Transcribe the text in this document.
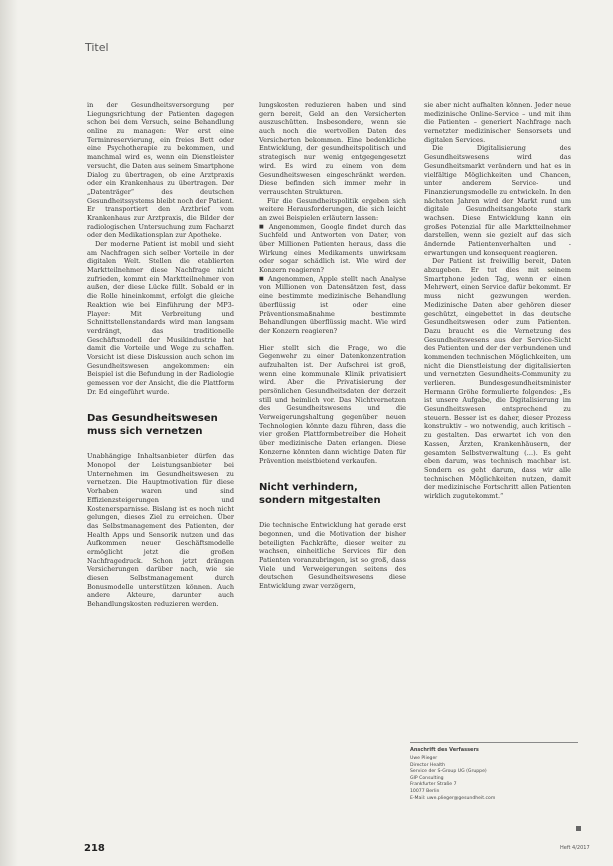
Titel

in der Gesundheitsversorgung per Liegungsrichtung der Patienten dagegen schon bei dem Versuch, seine Behandlung online zu managen: Wer erst eine Terminreservierung, ein freies Bett oder eine Psychotherapie zu bekommen, und manchmal wird es, wenn ein Dienstleister versucht, die Daten aus seinem Smartphone Dialog zu übertragen, ob eine Arztpraxis oder ein Krankenhaus zu übertragen. Der „Datenträger“ des deutschen Gesundheitssystems bleibt noch der Patient. Er transportiert den Arztbrief vom Krankenhaus zur Arztpraxis, die Bilder der radiologischen Untersuchung zum Facharzt oder den Medikationsplan zur Apotheke.

Der moderne Patient ist mobil und sieht am Nachfragen sich selber Vorteile in der digitalen Welt. Stellen die etablierten Marktteilnehmer diese Nachfrage nicht zufrieden, kommt ein Marktteilnehmer von außen, der diese Lücke füllt. Sobald er in die Rolle hineinkommt, erfolgt die gleiche Reaktion wie bei Einführung der MP3-Player: Mit Verbreitung und Schnittstellenstandards wird man langsam verdrängt, das traditionelle Geschäftsmodell der Musikindustrie hat damit die Vorteile und Wege zu schaffen. Vorsicht ist diese Diskussion auch schon im Gesundheitswesen angekommen: ein Beispiel ist die Befundung in der Radiologie gemessen vor der Ansicht, die die Plattform Dr. Ed eingeführt wurde.

Das Gesundheitswesen muss sich vernetzen

Unabhängige Inhaltsanbieter dürfen das Monopol der Leistungsanbieter bei Unternehmen im Gesundheitswesen zu vernetzen. Die Hauptmotivation für diese Vorhaben waren und sind Effizienzsteigerungen und Kostenersparnisse. Bislang ist es noch nicht gelungen, dieses Ziel zu erreichen. Über das Selbstmanagement des Patienten, der Health Apps und Sensorik nutzen und das Aufkommen neuer Geschäftsmodelle ermöglicht jetzt die großen Nachfragedruck. Schon jetzt drängen Versicherungen darüber nach, wie sie diesen Selbstmanagement durch Bonusmodelle unterstützen können. Auch andere Akteure, darunter auch Behandlungskosten reduzieren werden.

lungskosten reduzieren haben und sind gern bereit, Geld an den Versicherten auszuschütten. Insbesondere, wenn sie auch noch die wertvollen Daten des Versicherten bekommen. Eine bedenkliche Entwicklung, der gesundheitspolitisch und strategisch nur wenig entgegengesetzt wird. Es wird zu einem von dem Gesundheitswesen eingeschränkt werden. Diese befinden sich immer mehr in verrauschten Strukturen.

Für die Gesundheitspolitik ergeben sich weitere Herausforderungen, die sich leicht an zwei Beispielen erläutern lassen:

■ Angenommen, Google findet durch das Suchfeld und Antworten von Dater, von über Millionen Patienten heraus, dass die Wirkung eines Medikaments unwirksam oder sogar schädlich ist. Wie wird der Konzern reagieren?

■ Angenommen, Apple stellt nach Analyse von Millionen von Datensätzen fest, dass eine bestimmte medizinische Behandlung überflüssig ist oder eine Präventionsmaßnahme bestimmte Behandlungen überflüssig macht. Wie wird der Konzern reagieren?

Hier stellt sich die Frage, wo die Gegenwehr zu einer Datenkonzentration aufzuhalten ist. Der Aufschrei ist groß, wenn eine kommunale Klinik privatisiert wird. Aber die Privatisierung der persönlichen Gesundheitsdaten der derzeit still und heimlich vor. Das Nichtvernetzen des Gesundheitswesens und die Verweigerungshaltung gegenüber neuen Technologien könnte dazu führen, dass die vier großen Plattformbetreiber die Hoheit über medizinische Daten erlangen. Diese Konzerne könnten dann wichtige Daten für Prävention meistbietend verkaufen.

Nicht verhindern, sondern mitgestalten

Die technische Entwicklung hat gerade erst begonnen, und die Motivation der bisher beteiligten Fachkräfte, dieser weiter zu wachsen, einheitliche Services für den Patienten voranzubringen, ist so groß, dass Viele und Verweigerungen seitens des deutschen Gesundheitswesens diese Entwicklung zwar verzögern,

sie aber nicht aufhalten können. Jeder neue medizinische Online-Service – und mit ihm die Patienten – generiert Nachfrage nach vernetzter medizinischer Sensorsets und digitalen Services.

Die Digitalisierung des Gesundheitswesens wird das Gesundheitsmarkt verändern und hat es in vielfältige Möglichkeiten und Chancen, unter anderem Service- und Finanzierungsmodelle zu entwickeln. In den nächsten Jahren wird der Markt rund um digitale Gesundheitsangebote stark wachsen. Diese Entwicklung kann ein großes Potenzial für alle Marktteilnehmer darstellen, wenn sie gezielt auf das sich ändernde Patientenverhalten und -erwartungen und konsequent reagieren.

Der Patient ist freiwillig bereit, Daten abzugeben. Er tut dies mit seinem Smartphone jeden Tag, wenn er einen Mehrwert, einen Service dafür bekommt. Er muss nicht gezwungen werden. Medizinische Daten aber gehören dieser geschützt, eingebettet in das deutsche Gesundheitswesen oder zum Patienten. Dazu braucht es die Vernetzung des Gesundheitswesens aus der Service-Sicht des Patienten und der der verbundenen und kommenden technischen Möglichkeiten, um nicht die Dienstleistung der digitalisierten und vernetzten Gesundheits-Community zu verlieren. Bundesgesundheitsminister Hermann Gröhe formulierte folgendes: „Es ist unsere Aufgabe, die Digitalisierung im Gesundheitswesen entsprechend zu steuern. Besser ist es daher, dieser Prozess konstruktiv – wo notwendig, auch kritisch – zu gestalten. Das erwartet ich von den Kassen, Ärzten, Krankenhäusern, der gesamten Selbstverwaltung (…). Es geht eben darum, was technisch machbar ist. Sondern es geht darum, dass wir alle technischen Möglichkeiten nutzen, damit der medizinische Fortschritt allen Patienten wirklich zugutekommt.“

Anschrift des Verfassers

Uwe Plieger

Director Health

Service der S-Group UG (Gruppe)

GIP Consulting

Frankfurter Straße 7

10077 Berlin

E-Mail: uwe.plieger@gesundheit.com

218	Heft 4/2017
